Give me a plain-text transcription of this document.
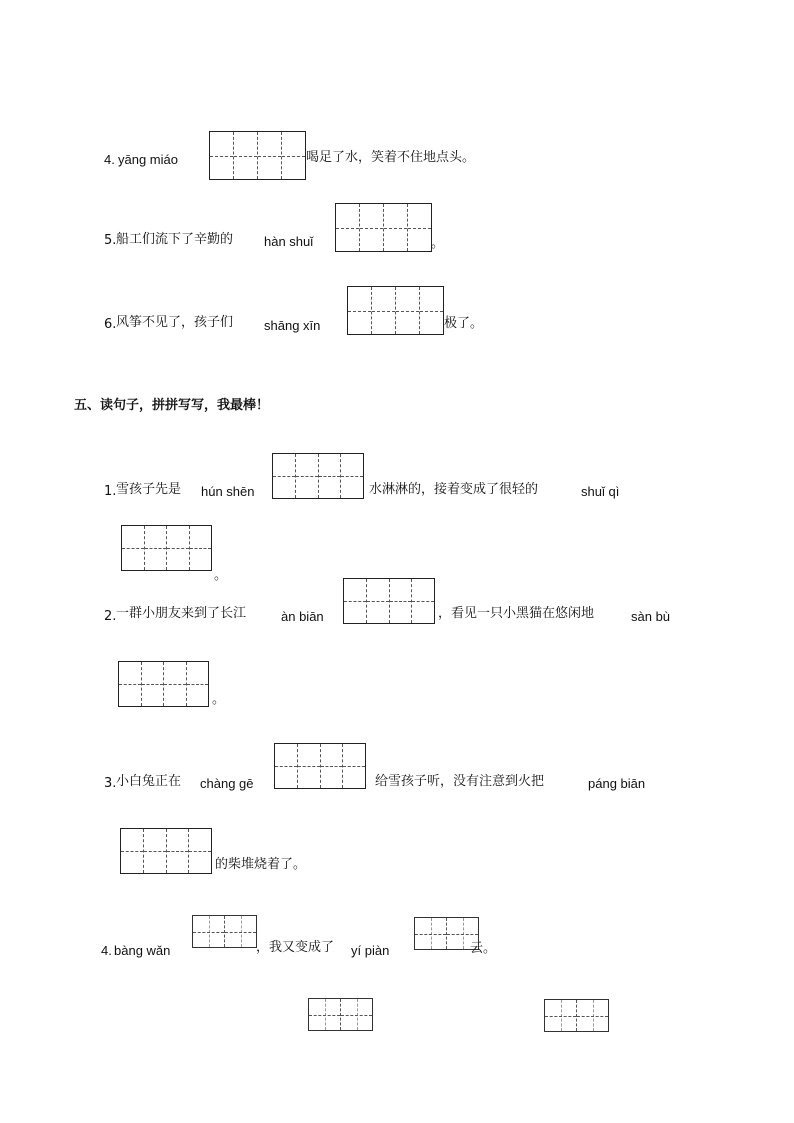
4. yāng miáo	喝足了水，笑着不住地点头。
5. 船工们流下了辛勤的 hàn shuǐ	。
6. 风筝不见了，孩子们 shāng xīn	极了。
五、读句子，拼拼写写，我最棒！
1. 雪孩子先是 hún shēn	水淋淋的，接着变成了很轻的	shuǐ qì
。
2. 一群小朋友来到了长江	àn biān	，看见一只小黑猫在悠闲地	sàn bù
。
3. 小白兔正在 chàng gē	给雪孩子听，没有注意到火把	páng biān
的柴堆烧着了。
4. bàng wǎn	，我又变成了 yí piàn	云。
